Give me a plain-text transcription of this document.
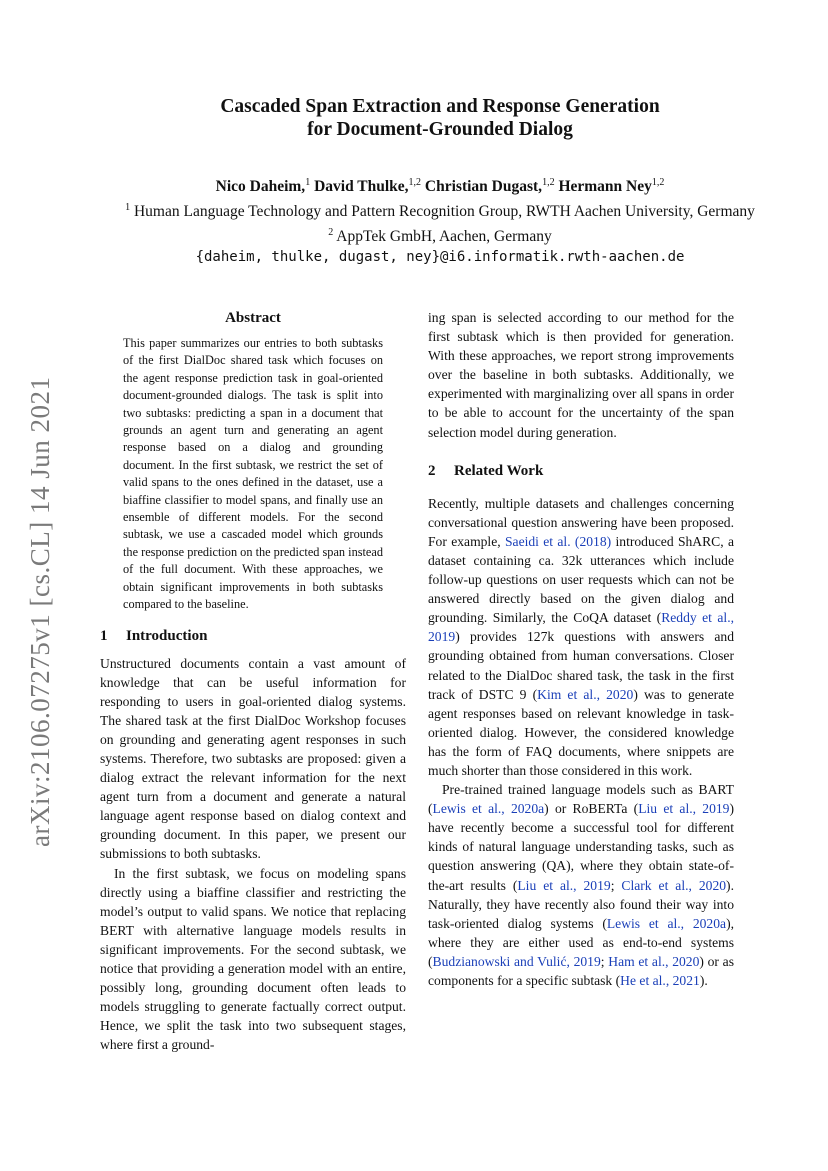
arXiv:2106.07275v1 [cs.CL] 14 Jun 2021
Cascaded Span Extraction and Response Generation
for Document-Grounded Dialog
Nico Daheim,$^1$ David Thulke,$^{1,2}$ Christian Dugast,$^{1,2}$ Hermann Ney$^{1,2}$
$^1$ Human Language Technology and Pattern Recognition Group, RWTH Aachen University, Germany
$^2$ AppTek GmbH, Aachen, Germany
{daheim, thulke, dugast, ney}@i6.informatik.rwth-aachen.de
Abstract

This paper summarizes our entries to both subtasks of the first DialDoc shared task which focuses on the agent response prediction task in goal-oriented document-grounded dialogs. The task is split into two subtasks: predicting a span in a document that grounds an agent turn and generating an agent response based on a dialog and grounding document. In the first subtask, we restrict the set of valid spans to the ones defined in the dataset, use a biaffine classifier to model spans, and finally use an ensemble of different models. For the second subtask, we use a cascaded model which grounds the response prediction on the predicted span instead of the full document. With these approaches, we obtain significant improvements in both subtasks compared to the baseline.

1 Introduction

Unstructured documents contain a vast amount of knowledge that can be useful information for responding to users in goal-oriented dialog systems. The shared task at the first DialDoc Workshop focuses on grounding and generating agent responses in such systems. Therefore, two subtasks are proposed: given a dialog extract the relevant information for the next agent turn from a document and generate a natural language agent response based on dialog context and grounding document. In this paper, we present our submissions to both subtasks.

In the first subtask, we focus on modeling spans directly using a biaffine classifier and restricting the model’s output to valid spans. We notice that replacing BERT with alternative language models results in significant improvements. For the second subtask, we notice that providing a generation model with an entire, possibly long, grounding document often leads to models struggling to generate factually correct output. Hence, we split the task into two subsequent stages, where first a ground-

ing span is selected according to our method for the first subtask which is then provided for generation. With these approaches, we report strong improvements over the baseline in both subtasks. Additionally, we experimented with marginalizing over all spans in order to be able to account for the uncertainty of the span selection model during generation.

2 Related Work

Recently, multiple datasets and challenges concerning conversational question answering have been proposed. For example, Saeidi et al. (2018) introduced ShARC, a dataset containing ca. 32k utterances which include follow-up questions on user requests which can not be answered directly based on the given dialog and grounding. Similarly, the CoQA dataset (Reddy et al., 2019) provides 127k questions with answers and grounding obtained from human conversations. Closer related to the DialDoc shared task, the task in the first track of DSTC 9 (Kim et al., 2020) was to generate agent responses based on relevant knowledge in task-oriented dialog. However, the considered knowledge has the form of FAQ documents, where snippets are much shorter than those considered in this work.

Pre-trained trained language models such as BART (Lewis et al., 2020a) or RoBERTa (Liu et al., 2019) have recently become a successful tool for different kinds of natural language understanding tasks, such as question answering (QA), where they obtain state-of-the-art results (Liu et al., 2019; Clark et al., 2020). Naturally, they have recently also found their way into task-oriented dialog systems (Lewis et al., 2020a), where they are either used as end-to-end systems (Budzianowski and Vulić, 2019; Ham et al., 2020) or as components for a specific subtask (He et al., 2021).
